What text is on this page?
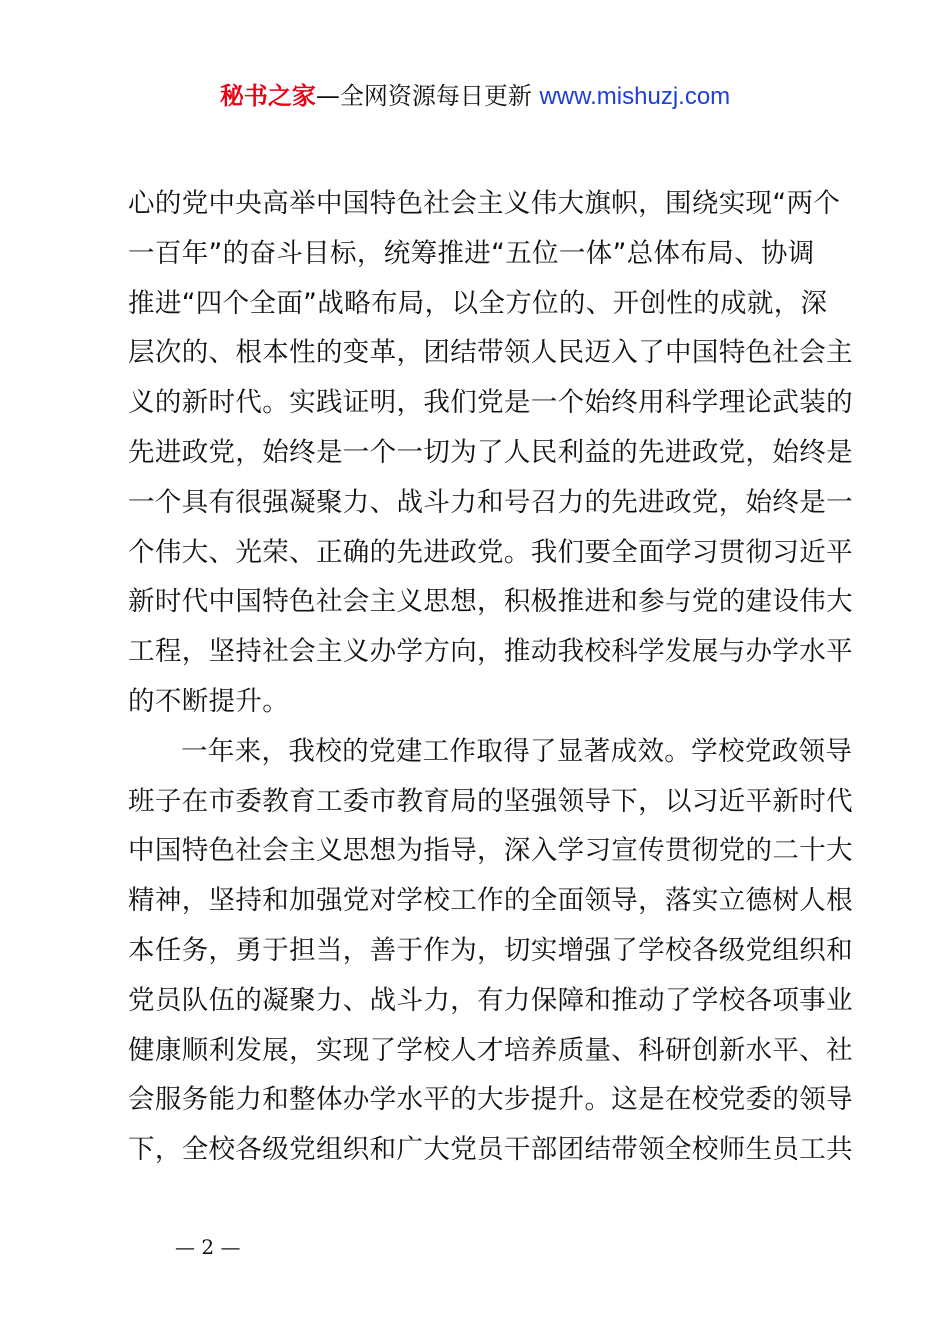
秘书之家—全网资源每日更新 www.mishuzj.com

心的党中央高举中国特色社会主义伟大旗帜，围绕实现“两个
一百年”的奋斗目标，统筹推进“五位一体”总体布局、协调
推进“四个全面”战略布局，以全方位的、开创性的成就，深
层次的、根本性的变革，团结带领人民迈入了中国特色社会主
义的新时代。实践证明，我们党是一个始终用科学理论武装的
先进政党，始终是一个一切为了人民利益的先进政党，始终是
一个具有很强凝聚力、战斗力和号召力的先进政党，始终是一
个伟大、光荣、正确的先进政党。我们要全面学习贯彻习近平
新时代中国特色社会主义思想，积极推进和参与党的建设伟大
工程，坚持社会主义办学方向，推动我校科学发展与办学水平
的不断提升。

一年来，我校的党建工作取得了显著成效。学校党政领导
班子在市委教育工委市教育局的坚强领导下，以习近平新时代
中国特色社会主义思想为指导，深入学习宣传贯彻党的二十大
精神，坚持和加强党对学校工作的全面领导，落实立德树人根
本任务，勇于担当，善于作为，切实增强了学校各级党组织和
党员队伍的凝聚力、战斗力，有力保障和推动了学校各项事业
健康顺利发展，实现了学校人才培养质量、科研创新水平、社
会服务能力和整体办学水平的大步提升。这是在校党委的领导
下，全校各级党组织和广大党员干部团结带领全校师生员工共

— 2 —
